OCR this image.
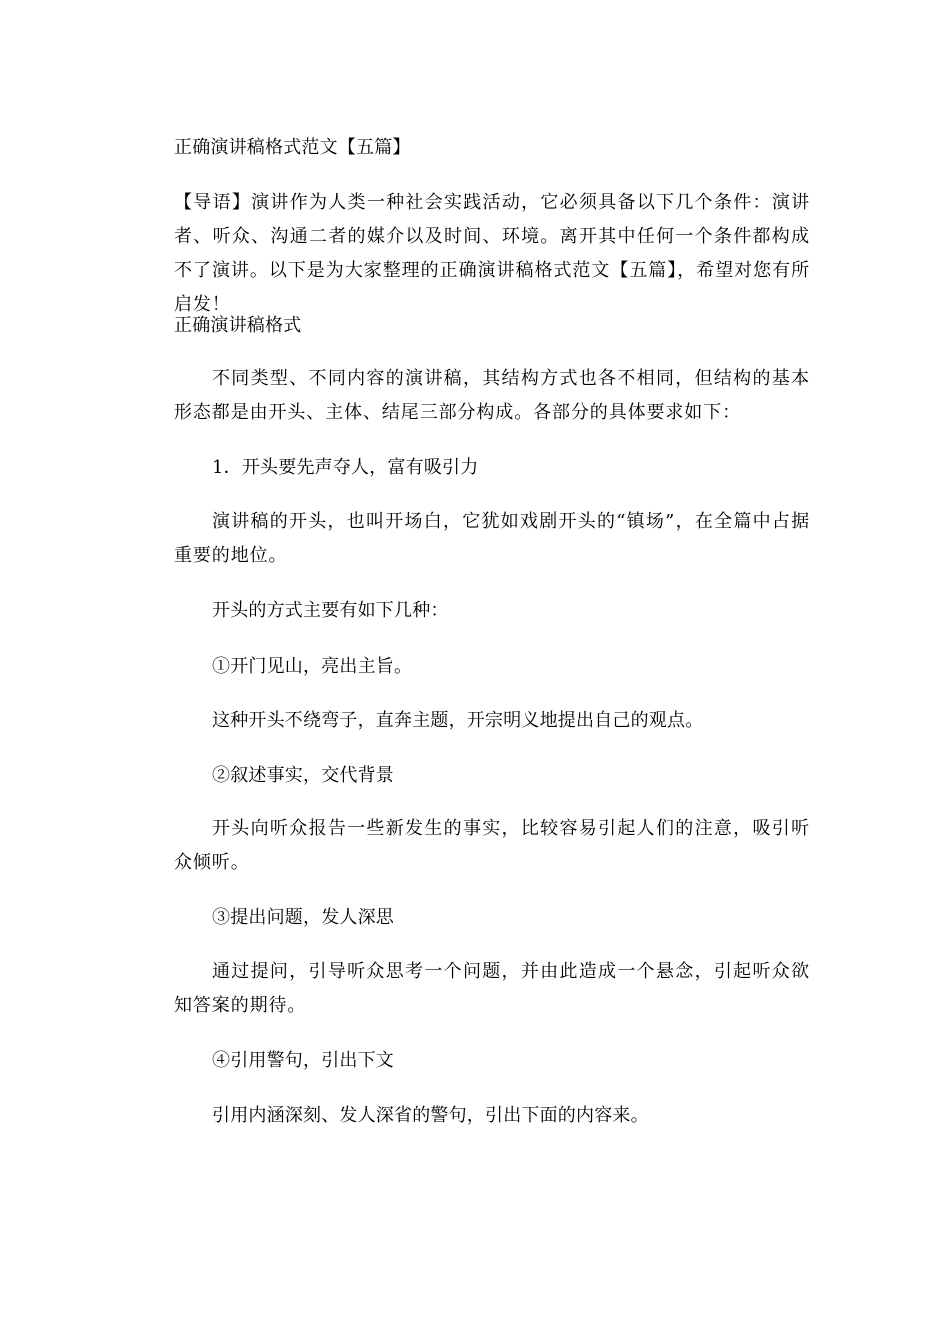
正确演讲稿格式范文【五篇】
【导语】演讲作为人类一种社会实践活动，它必须具备以下几个条件：演讲者、听众、沟通二者的媒介以及时间、环境。离开其中任何一个条件都构成不了演讲。以下是为大家整理的正确演讲稿格式范文【五篇】，希望对您有所启发！
正确演讲稿格式
不同类型、不同内容的演讲稿，其结构方式也各不相同，但结构的基本形态都是由开头、主体、结尾三部分构成。各部分的具体要求如下：
1．开头要先声夺人，富有吸引力
演讲稿的开头，也叫开场白，它犹如戏剧开头的“镇场”，在全篇中占据重要的地位。
开头的方式主要有如下几种：
①开门见山，亮出主旨。
这种开头不绕弯子，直奔主题，开宗明义地提出自己的观点。
②叙述事实，交代背景
开头向听众报告一些新发生的事实，比较容易引起人们的注意，吸引听众倾听。
③提出问题，发人深思
通过提问，引导听众思考一个问题，并由此造成一个悬念，引起听众欲知答案的期待。
④引用警句，引出下文
引用内涵深刻、发人深省的警句，引出下面的内容来。
